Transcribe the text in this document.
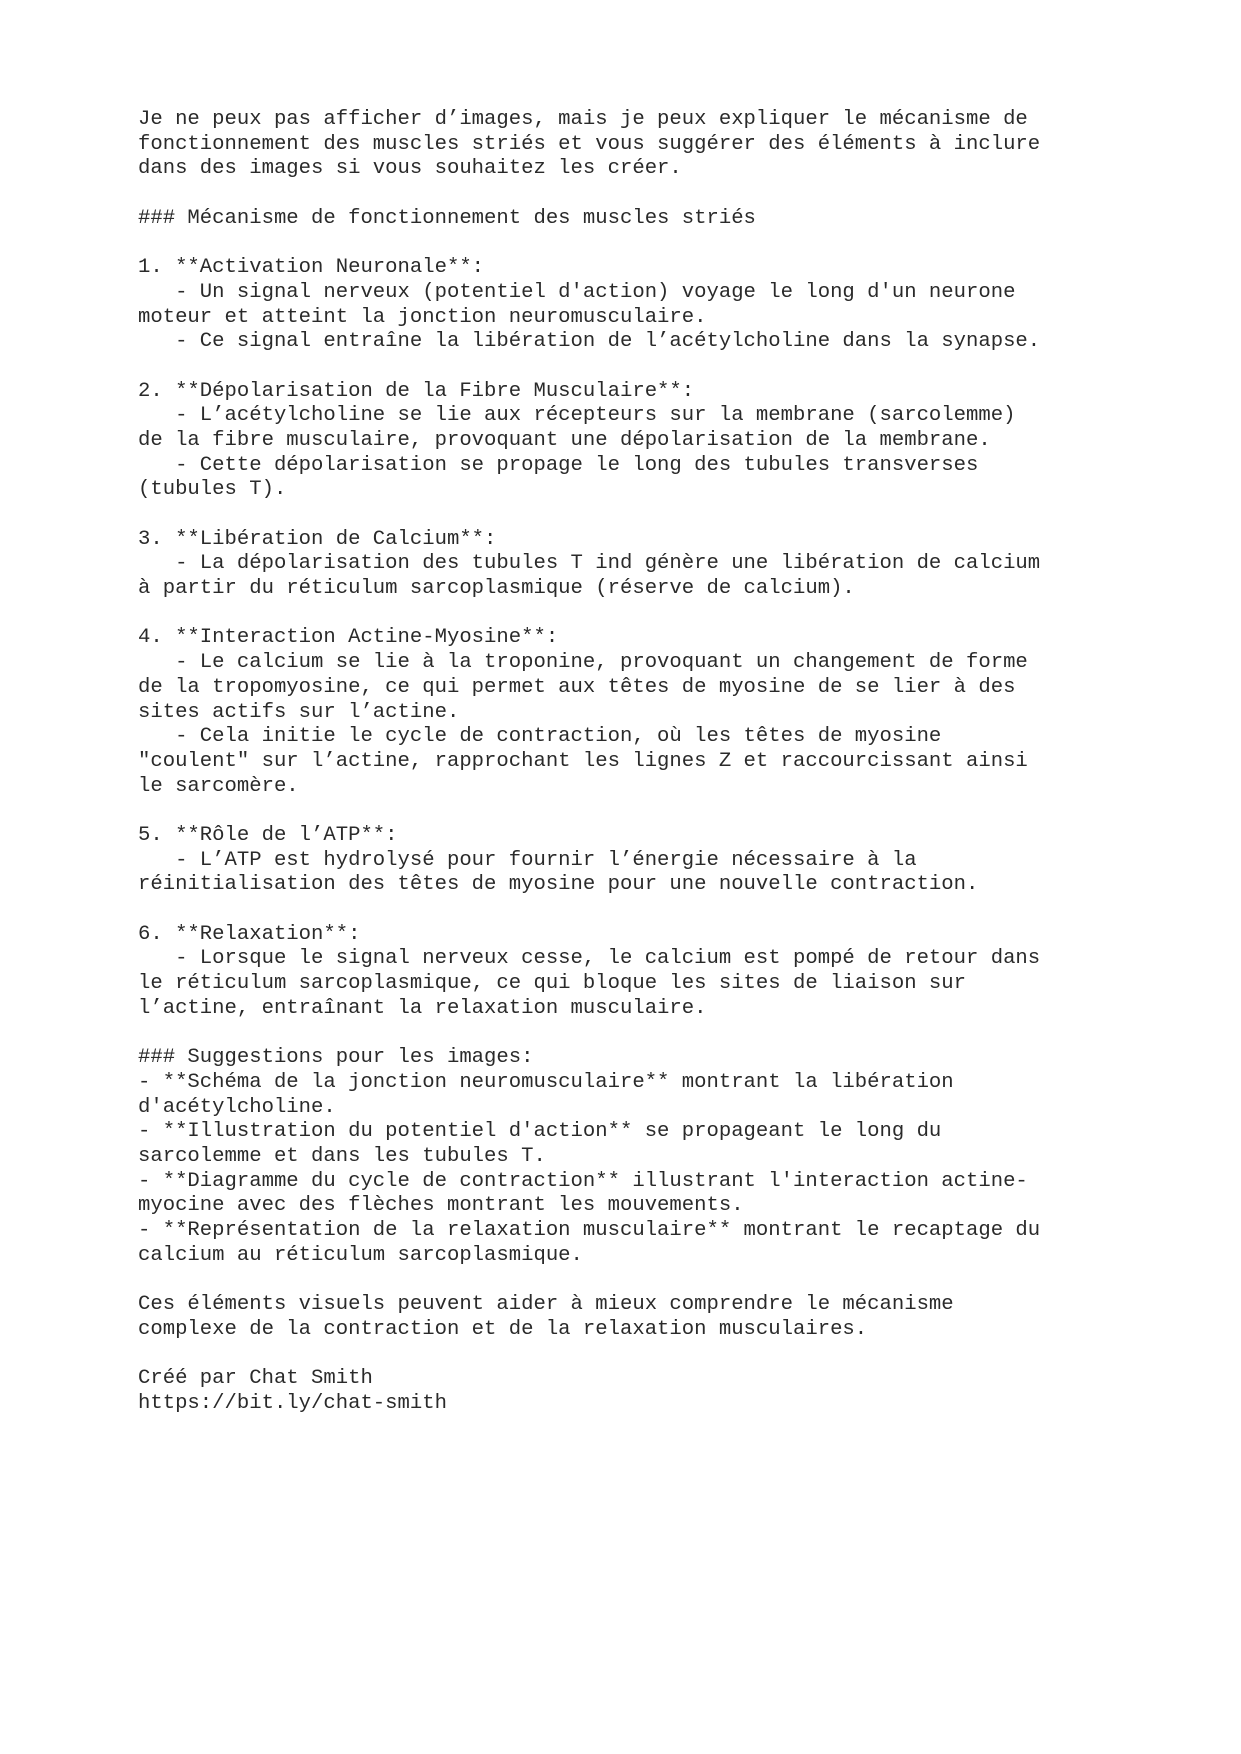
Je ne peux pas afficher d’images, mais je peux expliquer le mécanisme de
fonctionnement des muscles striés et vous suggérer des éléments à inclure
dans des images si vous souhaitez les créer.
### Mécanisme de fonctionnement des muscles striés
1. **Activation Neuronale**:
- Un signal nerveux (potentiel d'action) voyage le long d'un neurone
moteur et atteint la jonction neuromusculaire.
- Ce signal entraîne la libération de l’acétylcholine dans la synapse.
2. **Dépolarisation de la Fibre Musculaire**:
- L’acétylcholine se lie aux récepteurs sur la membrane (sarcolemme)
de la fibre musculaire, provoquant une dépolarisation de la membrane.
- Cette dépolarisation se propage le long des tubules transverses
(tubules T).
3. **Libération de Calcium**:
- La dépolarisation des tubules T ind génère une libération de calcium
à partir du réticulum sarcoplasmique (réserve de calcium).
4. **Interaction Actine-Myosine**:
- Le calcium se lie à la troponine, provoquant un changement de forme
de la tropomyosine, ce qui permet aux têtes de myosine de se lier à des
sites actifs sur l’actine.
- Cela initie le cycle de contraction, où les têtes de myosine
"coulent" sur l’actine, rapprochant les lignes Z et raccourcissant ainsi
le sarcomère.
5. **Rôle de l’ATP**:
- L’ATP est hydrolysé pour fournir l’énergie nécessaire à la
réinitialisation des têtes de myosine pour une nouvelle contraction.
6. **Relaxation**:
- Lorsque le signal nerveux cesse, le calcium est pompé de retour dans
le réticulum sarcoplasmique, ce qui bloque les sites de liaison sur
l’actine, entraînant la relaxation musculaire.
### Suggestions pour les images:
- **Schéma de la jonction neuromusculaire** montrant la libération
d'acétylcholine.
- **Illustration du potentiel d'action** se propageant le long du
sarcolemme et dans les tubules T.
- **Diagramme du cycle de contraction** illustrant l'interaction actine-
myocine avec des flèches montrant les mouvements.
- **Représentation de la relaxation musculaire** montrant le recaptage du
calcium au réticulum sarcoplasmique.
Ces éléments visuels peuvent aider à mieux comprendre le mécanisme
complexe de la contraction et de la relaxation musculaires.
Créé par Chat Smith
https://bit.ly/chat-smith
